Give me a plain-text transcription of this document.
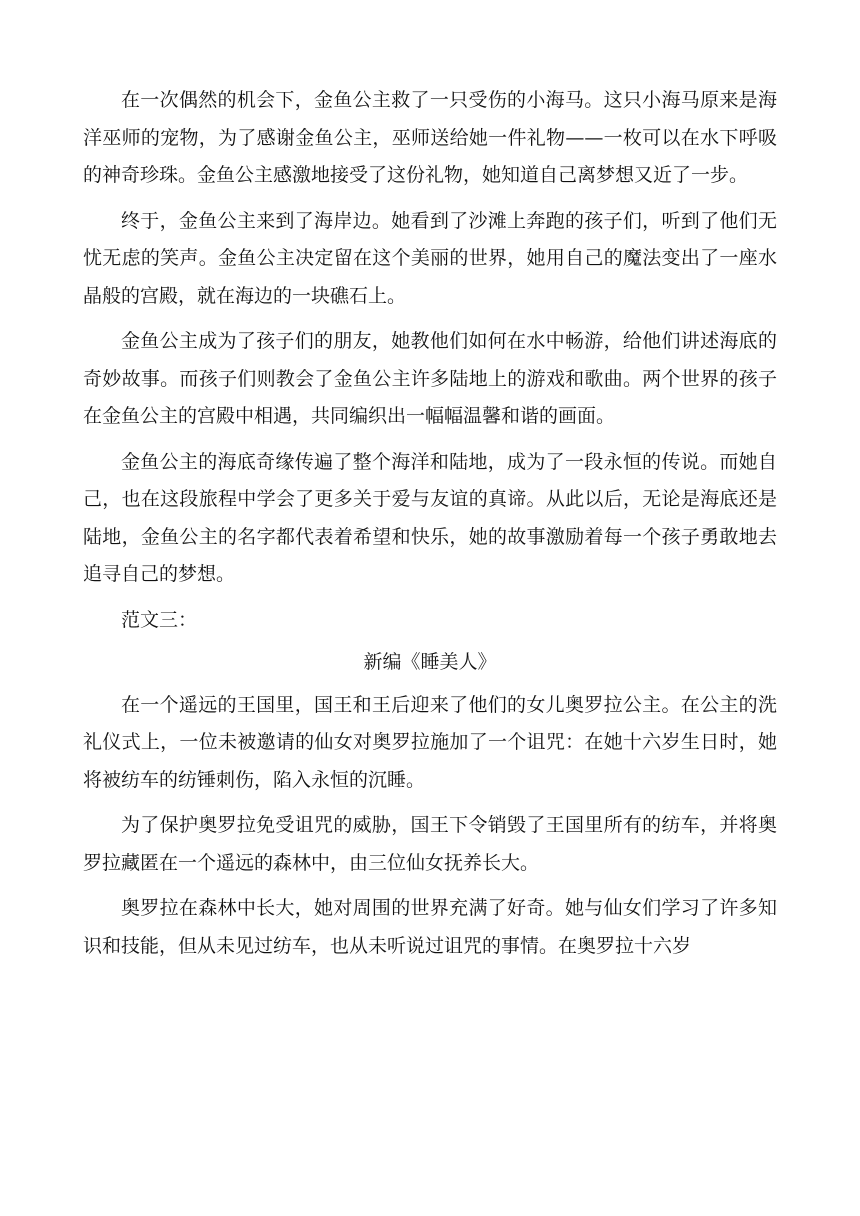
在一次偶然的机会下，金鱼公主救了一只受伤的小海马。这只小海马原来是海洋巫师的宠物，为了感谢金鱼公主，巫师送给她一件礼物——一枚可以在水下呼吸的神奇珍珠。金鱼公主感激地接受了这份礼物，她知道自己离梦想又近了一步。

终于，金鱼公主来到了海岸边。她看到了沙滩上奔跑的孩子们，听到了他们无忧无虑的笑声。金鱼公主决定留在这个美丽的世界，她用自己的魔法变出了一座水晶般的宫殿，就在海边的一块礁石上。

金鱼公主成为了孩子们的朋友，她教他们如何在水中畅游，给他们讲述海底的奇妙故事。而孩子们则教会了金鱼公主许多陆地上的游戏和歌曲。两个世界的孩子在金鱼公主的宫殿中相遇，共同编织出一幅幅温馨和谐的画面。

金鱼公主的海底奇缘传遍了整个海洋和陆地，成为了一段永恒的传说。而她自己，也在这段旅程中学会了更多关于爱与友谊的真谛。从此以后，无论是海底还是陆地，金鱼公主的名字都代表着希望和快乐，她的故事激励着每一个孩子勇敢地去追寻自己的梦想。

范文三：

新编《睡美人》

在一个遥远的王国里，国王和王后迎来了他们的女儿奥罗拉公主。在公主的洗礼仪式上，一位未被邀请的仙女对奥罗拉施加了一个诅咒：在她十六岁生日时，她将被纺车的纺锤刺伤，陷入永恒的沉睡。

为了保护奥罗拉免受诅咒的威胁，国王下令销毁了王国里所有的纺车，并将奥罗拉藏匿在一个遥远的森林中，由三位仙女抚养长大。

奥罗拉在森林中长大，她对周围的世界充满了好奇。她与仙女们学习了许多知识和技能，但从未见过纺车，也从未听说过诅咒的事情。在奥罗拉十六岁
